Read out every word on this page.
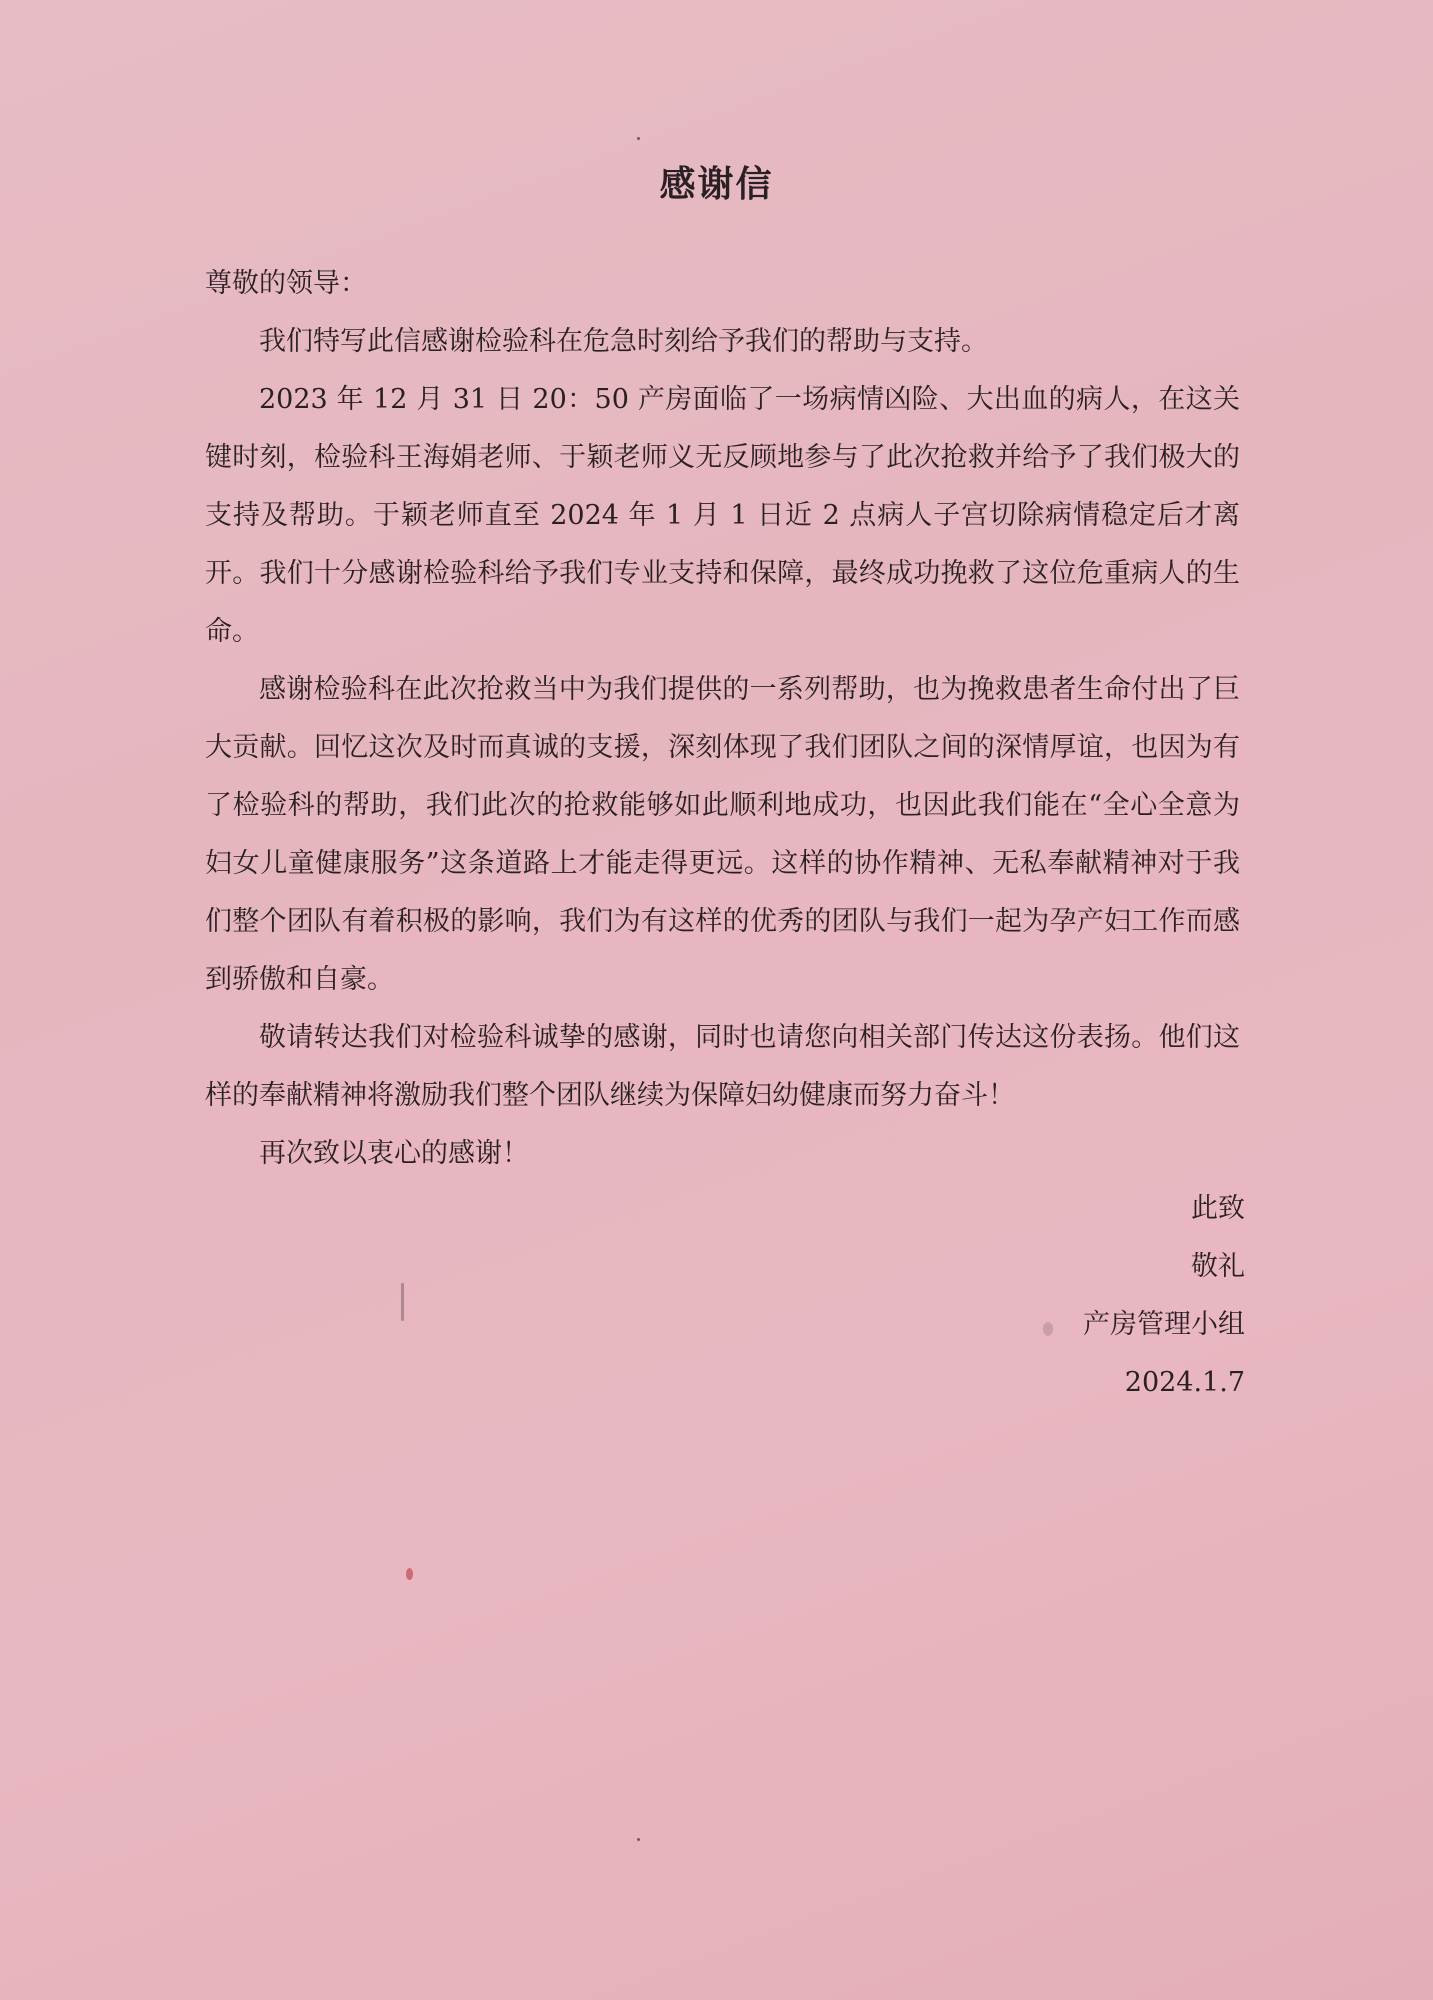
感谢信

尊敬的领导：

我们特写此信感谢检验科在危急时刻给予我们的帮助与支持。

2023 年 12 月 31 日 20：50 产房面临了一场病情凶险、大出血的病人，在这关键时刻，检验科王海娟老师、于颖老师义无反顾地参与了此次抢救并给予了我们极大的支持及帮助。于颖老师直至 2024 年 1 月 1 日近 2 点病人子宫切除病情稳定后才离开。我们十分感谢检验科给予我们专业支持和保障，最终成功挽救了这位危重病人的生命。

感谢检验科在此次抢救当中为我们提供的一系列帮助，也为挽救患者生命付出了巨大贡献。回忆这次及时而真诚的支援，深刻体现了我们团队之间的深情厚谊，也因为有了检验科的帮助，我们此次的抢救能够如此顺利地成功，也因此我们能在“全心全意为妇女儿童健康服务”这条道路上才能走得更远。这样的协作精神、无私奉献精神对于我们整个团队有着积极的影响，我们为有这样的优秀的团队与我们一起为孕产妇工作而感到骄傲和自豪。

敬请转达我们对检验科诚挚的感谢，同时也请您向相关部门传达这份表扬。他们这样的奉献精神将激励我们整个团队继续为保障妇幼健康而努力奋斗！

再次致以衷心的感谢！

此致
敬礼
产房管理小组
2024.1.7
